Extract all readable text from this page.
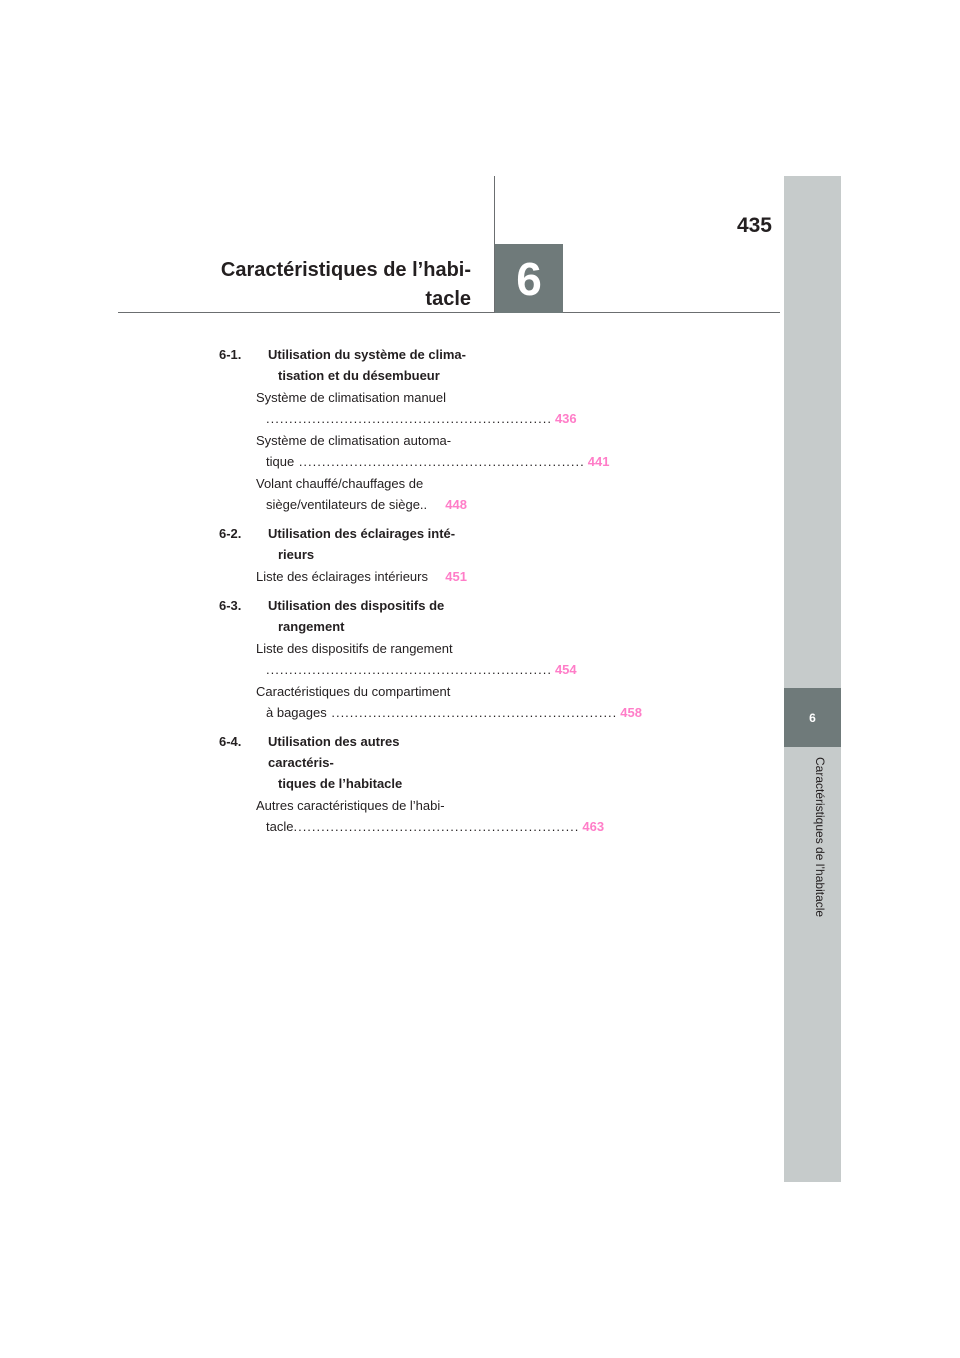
435
Caractéristiques de l’habi-
tacle 6
6
Caractéristiques de l’habitacle
6-1. Utilisation du système de clima-
tisation et du désembueur
Système de climatisation manuel
.............................................................. 436
Système de climatisation automa-
tique .............................................................. 441
Volant chauffé/chauffages de
siège/ventilateurs de siège.. 448
6-2. Utilisation des éclairages inté-
rieurs
Liste des éclairages intérieurs 451
6-3. Utilisation des dispositifs de
rangement
Liste des dispositifs de rangement
.............................................................. 454
Caractéristiques du compartiment
à bagages .............................................................. 458
6-4. Utilisation des autres caractéris-
tiques de l’habitacle
Autres caractéristiques de l’habi-
tacle .............................................................. 463
